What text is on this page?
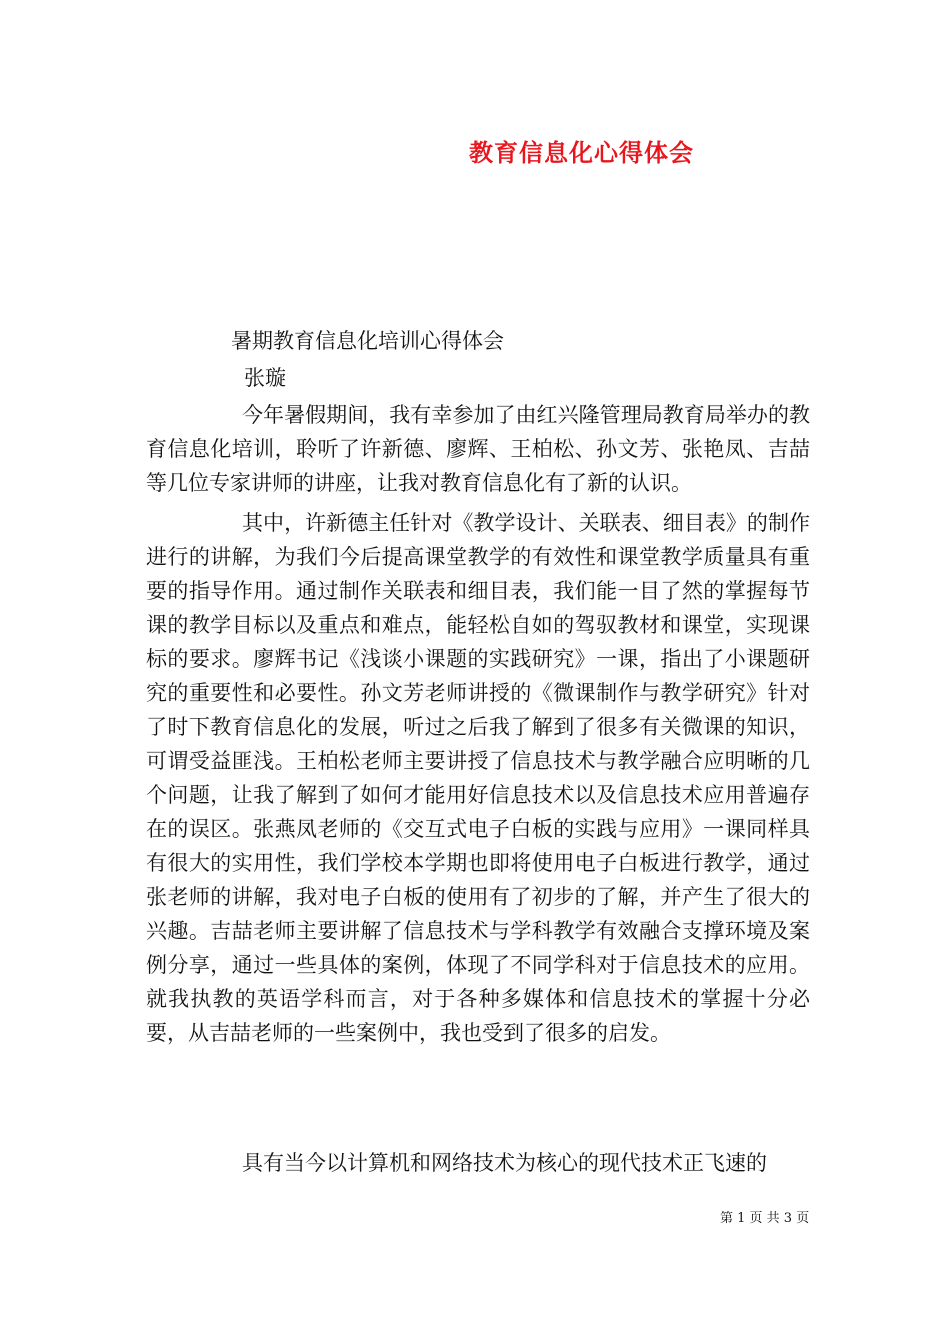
教育信息化心得体会
暑期教育信息化培训心得体会
张璇

今年暑假期间，我有幸参加了由红兴隆管理局教育局举办的教育信息化培训，聆听了许新德、廖辉、王柏松、孙文芳、张艳凤、吉喆等几位专家讲师的讲座，让我对教育信息化有了新的认识。

其中，许新德主任针对《教学设计、关联表、细目表》的制作进行的讲解，为我们今后提高课堂教学的有效性和课堂教学质量具有重要的指导作用。通过制作关联表和细目表，我们能一目了然的掌握每节课的教学目标以及重点和难点，能轻松自如的驾驭教材和课堂，实现课标的要求。廖辉书记《浅谈小课题的实践研究》一课，指出了小课题研究的重要性和必要性。孙文芳老师讲授的《微课制作与教学研究》针对了时下教育信息化的发展，听过之后我了解到了很多有关微课的知识，可谓受益匪浅。王柏松老师主要讲授了信息技术与教学融合应明晰的几个问题，让我了解到了如何才能用好信息技术以及信息技术应用普遍存在的误区。张燕凤老师的《交互式电子白板的实践与应用》一课同样具有很大的实用性，我们学校本学期也即将使用电子白板进行教学，通过张老师的讲解，我对电子白板的使用有了初步的了解，并产生了很大的兴趣。吉喆老师主要讲解了信息技术与学科教学有效融合支撑环境及案例分享，通过一些具体的案例，体现了不同学科对于信息技术的应用。就我执教的英语学科而言，对于各种多媒体和信息技术的掌握十分必要，从吉喆老师的一些案例中，我也受到了很多的启发。

具有当今以计算机和网络技术为核心的现代技术正飞速的

第 1 页 共 3 页
